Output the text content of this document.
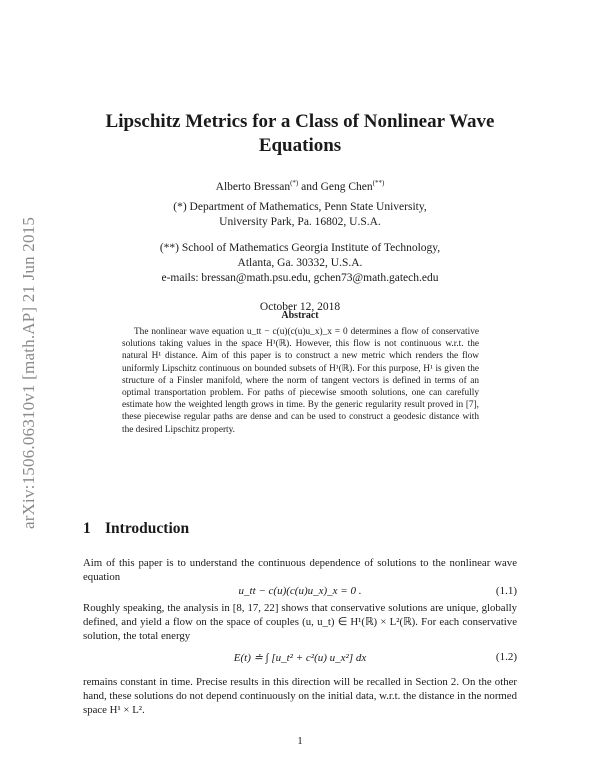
arXiv:1506.06310v1 [math.AP] 21 Jun 2015
Lipschitz Metrics for a Class of Nonlinear Wave
Equations
Alberto Bressan(*) and Geng Chen(**)
(*) Department of Mathematics, Penn State University,
University Park, Pa. 16802, U.S.A.
(**) School of Mathematics Georgia Institute of Technology,
Atlanta, Ga. 30332, U.S.A.
e-mails: bressan@math.psu.edu, gchen73@math.gatech.edu
October 12, 2018
Abstract
The nonlinear wave equation u_tt − c(u)(c(u)u_x)_x = 0 determines a flow of conservative solutions taking values in the space H¹(ℝ). However, this flow is not continuous w.r.t. the natural H¹ distance. Aim of this paper is to construct a new metric which renders the flow uniformly Lipschitz continuous on bounded subsets of H¹(ℝ). For this purpose, H¹ is given the structure of a Finsler manifold, where the norm of tangent vectors is defined in terms of an optimal transportation problem. For paths of piecewise smooth solutions, one can carefully estimate how the weighted length grows in time. By the generic regularity result proved in [7], these piecewise regular paths are dense and can be used to construct a geodesic distance with the desired Lipschitz property.
1 Introduction
Aim of this paper is to understand the continuous dependence of solutions to the nonlinear wave equation
u_tt − c(u)(c(u)u_x)_x = 0 .	(1.1)
Roughly speaking, the analysis in [8, 17, 22] shows that conservative solutions are unique, globally defined, and yield a flow on the space of couples (u, u_t) ∈ H¹(ℝ) × L²(ℝ). For each conservative solution, the total energy
E(t) ≐ ∫ [u_t² + c²(u) u_x²] dx	(1.2)
remains constant in time. Precise results in this direction will be recalled in Section 2. On the other hand, these solutions do not depend continuously on the initial data, w.r.t. the distance in the normed space H¹ × L².
1
